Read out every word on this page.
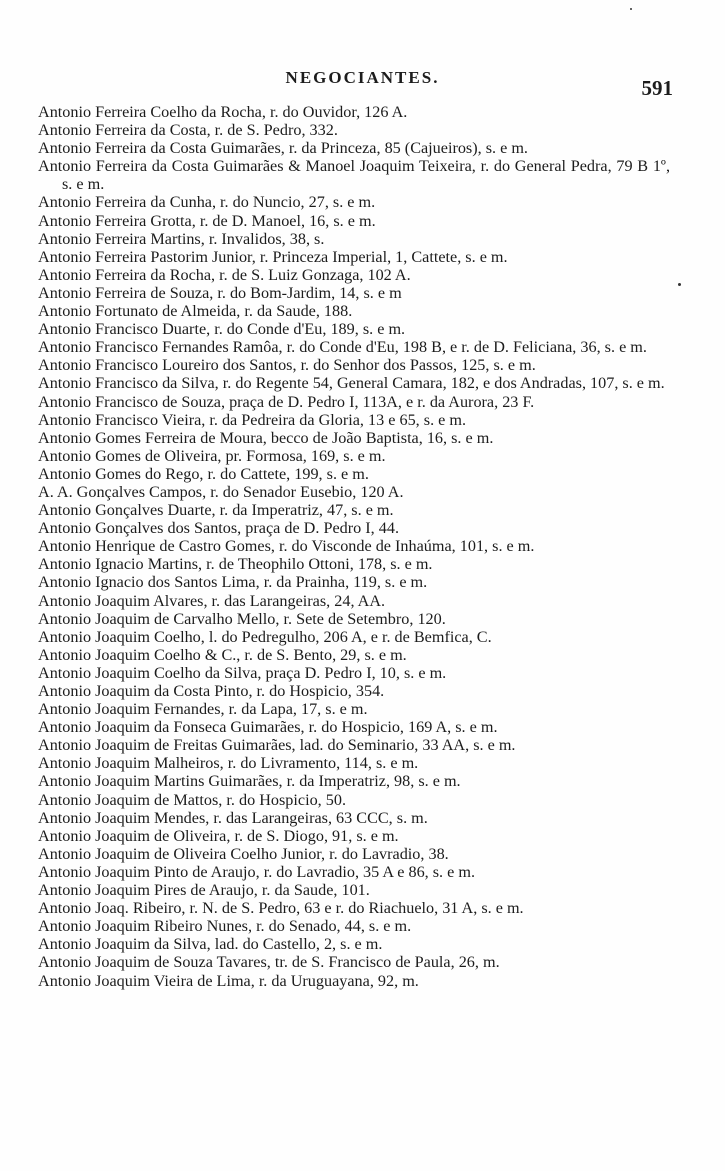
NEGOCIANTES.	591
Antonio Ferreira Coelho da Rocha, r. do Ouvidor, 126 A.
Antonio Ferreira da Costa, r. de S. Pedro, 332.
Antonio Ferreira da Costa Guimarães, r. da Princeza, 85 (Cajueiros), s. e m.
Antonio Ferreira da Costa Guimarães & Manoel Joaquim Teixeira, r. do General Pedra, 79 B 1º, s. e m.
Antonio Ferreira da Cunha, r. do Nuncio, 27, s. e m.
Antonio Ferreira Grotta, r. de D. Manoel, 16, s. e m.
Antonio Ferreira Martins, r. Invalidos, 38, s.
Antonio Ferreira Pastorim Junior, r. Princeza Imperial, 1, Cattete, s. e m.
Antonio Ferreira da Rocha, r. de S. Luiz Gonzaga, 102 A.
Antonio Ferreira de Souza, r. do Bom-Jardim, 14, s. e m
Antonio Fortunato de Almeida, r. da Saude, 188.
Antonio Francisco Duarte, r. do Conde d'Eu, 189, s. e m.
Antonio Francisco Fernandes Ramôa, r. do Conde d'Eu, 198 B, e r. de D. Feliciana, 36, s. e m.
Antonio Francisco Loureiro dos Santos, r. do Senhor dos Passos, 125, s. e m.
Antonio Francisco da Silva, r. do Regente 54, General Camara, 182, e dos Andradas, 107, s. e m.
Antonio Francisco de Souza, praça de D. Pedro I, 113A, e r. da Aurora, 23 F.
Antonio Francisco Vieira, r. da Pedreira da Gloria, 13 e 65, s. e m.
Antonio Gomes Ferreira de Moura, becco de João Baptista, 16, s. e m.
Antonio Gomes de Oliveira, pr. Formosa, 169, s. e m.
Antonio Gomes do Rego, r. do Cattete, 199, s. e m.
A. A. Gonçalves Campos, r. do Senador Eusebio, 120 A.
Antonio Gonçalves Duarte, r. da Imperatriz, 47, s. e m.
Antonio Gonçalves dos Santos, praça de D. Pedro I, 44.
Antonio Henrique de Castro Gomes, r. do Visconde de Inhaúma, 101, s. e m.
Antonio Ignacio Martins, r. de Theophilo Ottoni, 178, s. e m.
Antonio Ignacio dos Santos Lima, r. da Prainha, 119, s. e m.
Antonio Joaquim Alvares, r. das Larangeiras, 24, AA.
Antonio Joaquim de Carvalho Mello, r. Sete de Setembro, 120.
Antonio Joaquim Coelho, l. do Pedregulho, 206 A, e r. de Bemfica, C.
Antonio Joaquim Coelho & C., r. de S. Bento, 29, s. e m.
Antonio Joaquim Coelho da Silva, praça D. Pedro I, 10, s. e m.
Antonio Joaquim da Costa Pinto, r. do Hospicio, 354.
Antonio Joaquim Fernandes, r. da Lapa, 17, s. e m.
Antonio Joaquim da Fonseca Guimarães, r. do Hospicio, 169 A, s. e m.
Antonio Joaquim de Freitas Guimarães, lad. do Seminario, 33 AA, s. e m.
Antonio Joaquim Malheiros, r. do Livramento, 114, s. e m.
Antonio Joaquim Martins Guimarães, r. da Imperatriz, 98, s. e m.
Antonio Joaquim de Mattos, r. do Hospicio, 50.
Antonio Joaquim Mendes, r. das Larangeiras, 63 CCC, s. m.
Antonio Joaquim de Oliveira, r. de S. Diogo, 91, s. e m.
Antonio Joaquim de Oliveira Coelho Junior, r. do Lavradio, 38.
Antonio Joaquim Pinto de Araujo, r. do Lavradio, 35 A e 86, s. e m.
Antonio Joaquim Pires de Araujo, r. da Saude, 101.
Antonio Joaq. Ribeiro, r. N. de S. Pedro, 63 e r. do Riachuelo, 31 A, s. e m.
Antonio Joaquim Ribeiro Nunes, r. do Senado, 44, s. e m.
Antonio Joaquim da Silva, lad. do Castello, 2, s. e m.
Antonio Joaquim de Souza Tavares, tr. de S. Francisco de Paula, 26, m.
Antonio Joaquim Vieira de Lima, r. da Uruguayana, 92, m.
